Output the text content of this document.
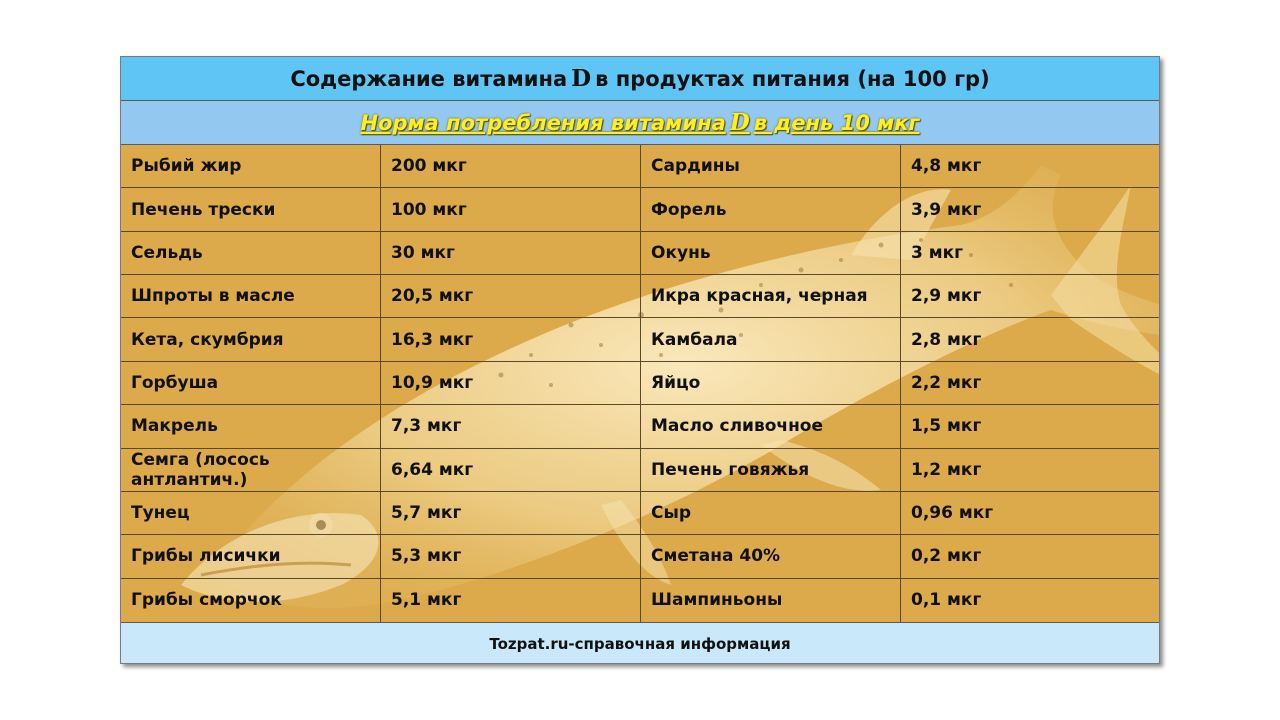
Содержание витамина D в продуктах питания (на 100 гр)
Норма потребления витамина D в день 10 мкг
Рыбий жир	200 мкг	Сардины	4,8 мкг
Печень трески	100 мкг	Форель	3,9 мкг
Сельдь	30 мкг	Окунь	3 мкг
Шпроты в масле	20,5 мкг	Икра красная, черная	2,9 мкг
Кета, скумбрия	16,3 мкг	Камбала	2,8 мкг
Горбуша	10,9 мкг	Яйцо	2,2 мкг
Макрель	7,3 мкг	Масло сливочное	1,5 мкг
Семга (лосось антлантич.)	6,64 мкг	Печень говяжья	1,2 мкг
Тунец	5,7 мкг	Сыр	0,96 мкг
Грибы лисички	5,3 мкг	Сметана 40%	0,2 мкг
Грибы сморчок	5,1 мкг	Шампиньоны	0,1 мкг
Tozpat.ru-справочная информация
